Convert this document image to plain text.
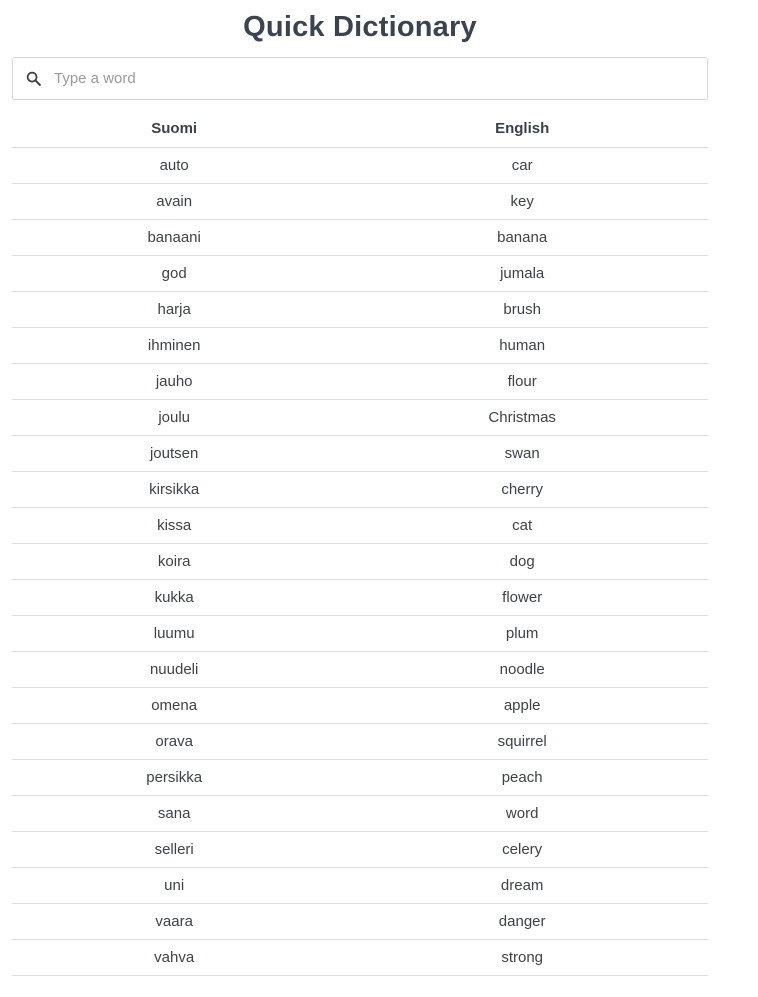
Quick Dictionary
Type a word
Suomi	English
auto	car
avain	key
banaani	banana
god	jumala
harja	brush
ihminen	human
jauho	flour
joulu	Christmas
joutsen	swan
kirsikka	cherry
kissa	cat
koira	dog
kukka	flower
luumu	plum
nuudeli	noodle
omena	apple
orava	squirrel
persikka	peach
sana	word
selleri	celery
uni	dream
vaara	danger
vahva	strong
